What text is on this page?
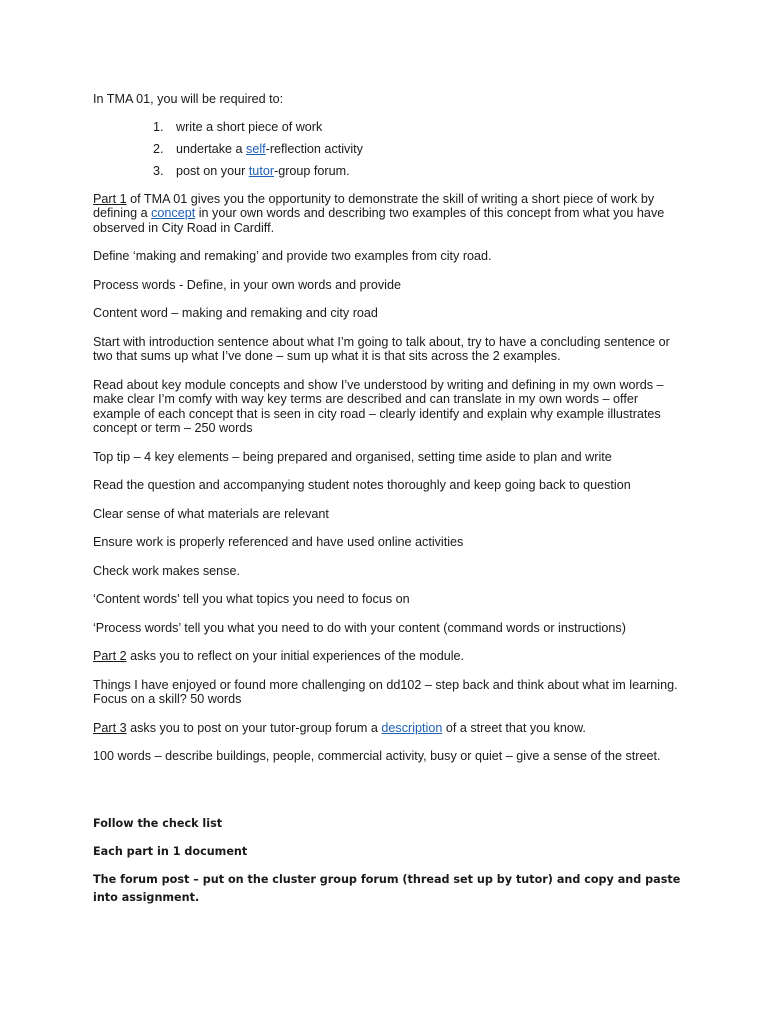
In TMA 01, you will be required to:

1. write a short piece of work
2. undertake a self-reflection activity
3. post on your tutor-group forum.

Part 1 of TMA 01 gives you the opportunity to demonstrate the skill of writing a short piece of work by defining a concept in your own words and describing two examples of this concept from what you have observed in City Road in Cardiff.

Define ‘making and remaking’ and provide two examples from city road.

Process words - Define, in your own words and provide

Content word – making and remaking and city road

Start with introduction sentence about what I’m going to talk about, try to have a concluding sentence or two that sums up what I’ve done – sum up what it is that sits across the 2 examples.

Read about key module concepts and show I’ve understood by writing and defining in my own words – make clear I’m comfy with way key terms are described and can translate in my own words – offer example of each concept that is seen in city road – clearly identify and explain why example illustrates concept or term – 250 words

Top tip – 4 key elements – being prepared and organised, setting time aside to plan and write

Read the question and accompanying student notes thoroughly and keep going back to question

Clear sense of what materials are relevant

Ensure work is properly referenced and have used online activities

Check work makes sense.

‘Content words’ tell you what topics you need to focus on

‘Process words’ tell you what you need to do with your content (command words or instructions)

Part 2 asks you to reflect on your initial experiences of the module.

Things I have enjoyed or found more challenging on dd102 – step back and think about what im learning. Focus on a skill? 50 words

Part 3 asks you to post on your tutor-group forum a description of a street that you know.

100 words – describe buildings, people, commercial activity, busy or quiet – give a sense of the street.

Follow the check list

Each part in 1 document

The forum post – put on the cluster group forum (thread set up by tutor) and copy and paste into assignment.
